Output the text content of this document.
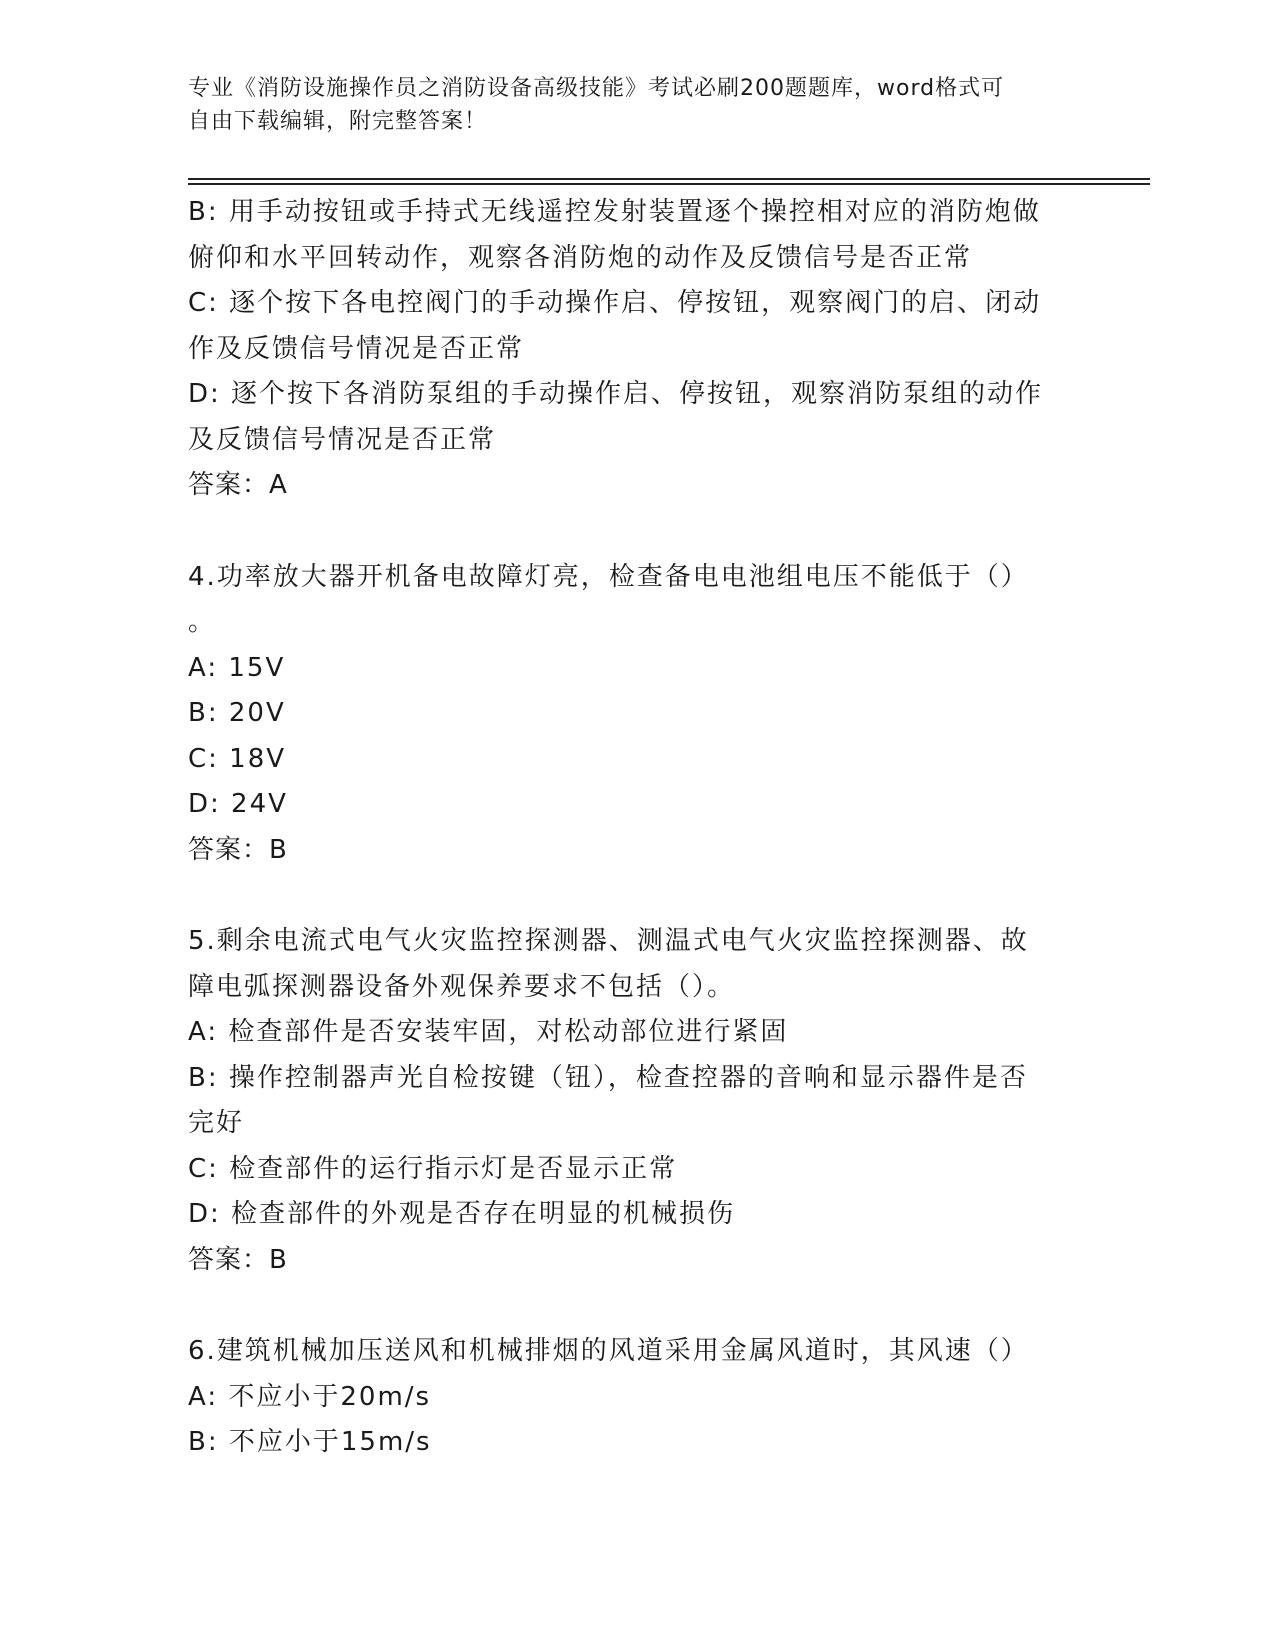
专业《消防设施操作员之消防设备高级技能》考试必刷200题题库，word格式可
自由下载编辑，附完整答案！
B: 用手动按钮或手持式无线遥控发射装置逐个操控相对应的消防炮做
俯仰和水平回转动作，观察各消防炮的动作及反馈信号是否正常
C: 逐个按下各电控阀门的手动操作启、停按钮，观察阀门的启、闭动
作及反馈信号情况是否正常
D: 逐个按下各消防泵组的手动操作启、停按钮，观察消防泵组的动作
及反馈信号情况是否正常
答案：A
4.功率放大器开机备电故障灯亮，检查备电电池组电压不能低于（）
。
A: 15V
B: 20V
C: 18V
D: 24V
答案：B
5.剩余电流式电气火灾监控探测器、测温式电气火灾监控探测器、故
障电弧探测器设备外观保养要求不包括（）。
A: 检查部件是否安装牢固，对松动部位进行紧固
B: 操作控制器声光自检按键（钮），检查控器的音响和显示器件是否
完好
C: 检查部件的运行指示灯是否显示正常
D: 检查部件的外观是否存在明显的机械损伤
答案：B
6.建筑机械加压送风和机械排烟的风道采用金属风道时，其风速（）
A: 不应小于20m/s
B: 不应小于15m/s
